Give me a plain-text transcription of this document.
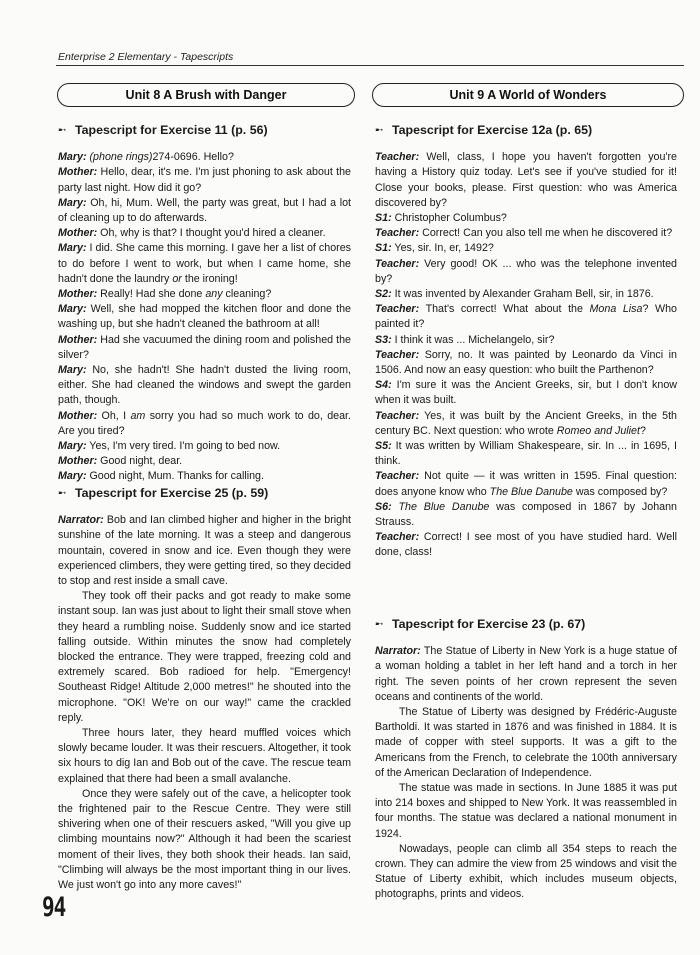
Enterprise 2 Elementary - Tapescripts
Unit 8 A Brush with Danger	Unit 9 A World of Wonders
➸ Tapescript for Exercise 11 (p. 56)

Mary: (phone rings)274-0696. Hello?

Mother: Hello, dear, it's me. I'm just phoning to ask about the party last night. How did it go?

Mary: Oh, hi, Mum. Well, the party was great, but I had a lot of cleaning up to do afterwards.

Mother: Oh, why is that? I thought you'd hired a cleaner.

Mary: I did. She came this morning. I gave her a list of chores to do before I went to work, but when I came home, she hadn't done the laundry or the ironing!

Mother: Really! Had she done any cleaning?

Mary: Well, she had mopped the kitchen floor and done the washing up, but she hadn't cleaned the bathroom at all!

Mother: Had she vacuumed the dining room and polished the silver?

Mary: No, she hadn't! She hadn't dusted the living room, either. She had cleaned the windows and swept the garden path, though.

Mother: Oh, I am sorry you had so much work to do, dear. Are you tired?

Mary: Yes, I'm very tired. I'm going to bed now.

Mother: Good night, dear.

Mary: Good night, Mum. Thanks for calling.

➸ Tapescript for Exercise 25 (p. 59)

Narrator: Bob and Ian climbed higher and higher in the bright sunshine of the late morning. It was a steep and dangerous mountain, covered in snow and ice. Even though they were experienced climbers, they were getting tired, so they decided to stop and rest inside a small cave.

They took off their packs and got ready to make some instant soup. Ian was just about to light their small stove when they heard a rumbling noise. Suddenly snow and ice started falling outside. Within minutes the snow had completely blocked the entrance. They were trapped, freezing cold and extremely scared. Bob radioed for help. "Emergency! Southeast Ridge! Altitude 2,000 metres!" he shouted into the microphone. "OK! We're on our way!" came the crackled reply.

Three hours later, they heard muffled voices which slowly became louder. It was their rescuers. Altogether, it took six hours to dig Ian and Bob out of the cave. The rescue team explained that there had been a small avalanche.

Once they were safely out of the cave, a helicopter took the frightened pair to the Rescue Centre. They were still shivering when one of their rescuers asked, "Will you give up climbing mountains now?" Although it had been the scariest moment of their lives, they both shook their heads. Ian said, "Climbing will always be the most important thing in our lives. We just won't go into any more caves!"

➸ Tapescript for Exercise 12a (p. 65)

Teacher: Well, class, I hope you haven't forgotten you're having a History quiz today. Let's see if you've studied for it! Close your books, please. First question: who was America discovered by?

S1: Christopher Columbus?

Teacher: Correct! Can you also tell me when he discovered it?

S1: Yes, sir. In, er, 1492?

Teacher: Very good! OK ... who was the telephone invented by?

S2: It was invented by Alexander Graham Bell, sir, in 1876.

Teacher: That's correct! What about the Mona Lisa? Who painted it?

S3: I think it was ... Michelangelo, sir?

Teacher: Sorry, no. It was painted by Leonardo da Vinci in 1506. And now an easy question: who built the Parthenon?

S4: I'm sure it was the Ancient Greeks, sir, but I don't know when it was built.

Teacher: Yes, it was built by the Ancient Greeks, in the 5th century BC. Next question: who wrote Romeo and Juliet?

S5: It was written by William Shakespeare, sir. In ... in 1695, I think.

Teacher: Not quite — it was written in 1595. Final question: does anyone know who The Blue Danube was composed by?

S6: The Blue Danube was composed in 1867 by Johann Strauss.

Teacher: Correct! I see most of you have studied hard. Well done, class!

➸ Tapescript for Exercise 23 (p. 67)

Narrator: The Statue of Liberty in New York is a huge statue of a woman holding a tablet in her left hand and a torch in her right. The seven points of her crown represent the seven oceans and continents of the world.

The Statue of Liberty was designed by Frédéric-Auguste Bartholdi. It was started in 1876 and was finished in 1884. It is made of copper with steel supports. It was a gift to the Americans from the French, to celebrate the 100th anniversary of the American Declaration of Independence.

The statue was made in sections. In June 1885 it was put into 214 boxes and shipped to New York. It was reassembled in four months. The statue was declared a national monument in 1924.

Nowadays, people can climb all 354 steps to reach the crown. They can admire the view from 25 windows and visit the Statue of Liberty exhibit, which includes museum objects, photographs, prints and videos.

94
